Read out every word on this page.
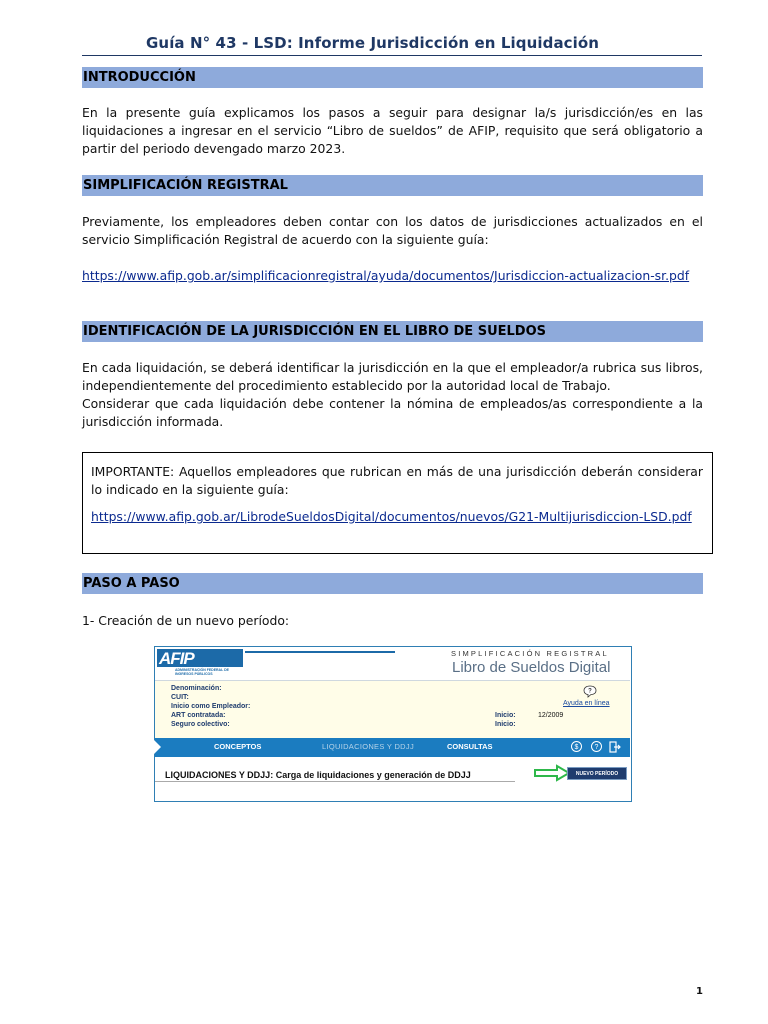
Guía N° 43 - LSD: Informe Jurisdicción en Liquidación
INTRODUCCIÓN
En la presente guía explicamos los pasos a seguir para designar la/s jurisdicción/es en las liquidaciones a ingresar en el servicio “Libro de sueldos” de AFIP, requisito que será obligatorio a partir del periodo devengado marzo 2023.
SIMPLIFICACIÓN REGISTRAL
Previamente, los empleadores deben contar con los datos de jurisdicciones actualizados en el servicio Simplificación Registral de acuerdo con la siguiente guía:
https://www.afip.gob.ar/simplificacionregistral/ayuda/documentos/Jurisdiccion-actualizacion-sr.pdf
IDENTIFICACIÓN DE LA JURISDICCIÓN EN EL LIBRO DE SUELDOS
En cada liquidación, se deberá identificar la jurisdicción en la que el empleador/a rubrica sus libros, independientemente del procedimiento establecido por la autoridad local de Trabajo.
Considerar que cada liquidación debe contener la nómina de empleados/as correspondiente a la jurisdicción informada.
IMPORTANTE: Aquellos empleadores que rubrican en más de una jurisdicción deberán considerar lo indicado en la siguiente guía:
https://www.afip.gob.ar/LibrodeSueldosDigital/documentos/nuevos/G21-Multijurisdiccion-LSD.pdf
PASO A PASO
1- Creación de un nuevo período:
AFIP
ADMINISTRACIÓN FEDERAL DE INGRESOS PÚBLICOS
SIMPLIFICACIÓN REGISTRAL
Libro de Sueldos Digital
Denominación:
CUIT:
Inicio como Empleador:
ART contratada:
Seguro colectivo:
Inicio:	12/2009
Inicio:
?
Ayuda en línea
CONCEPTOS	LIQUIDACIONES Y DDJJ	CONSULTAS	$	?
LIQUIDACIONES Y DDJJ: Carga de liquidaciones y generación de DDJJ	NUEVO PERÍODO
1
